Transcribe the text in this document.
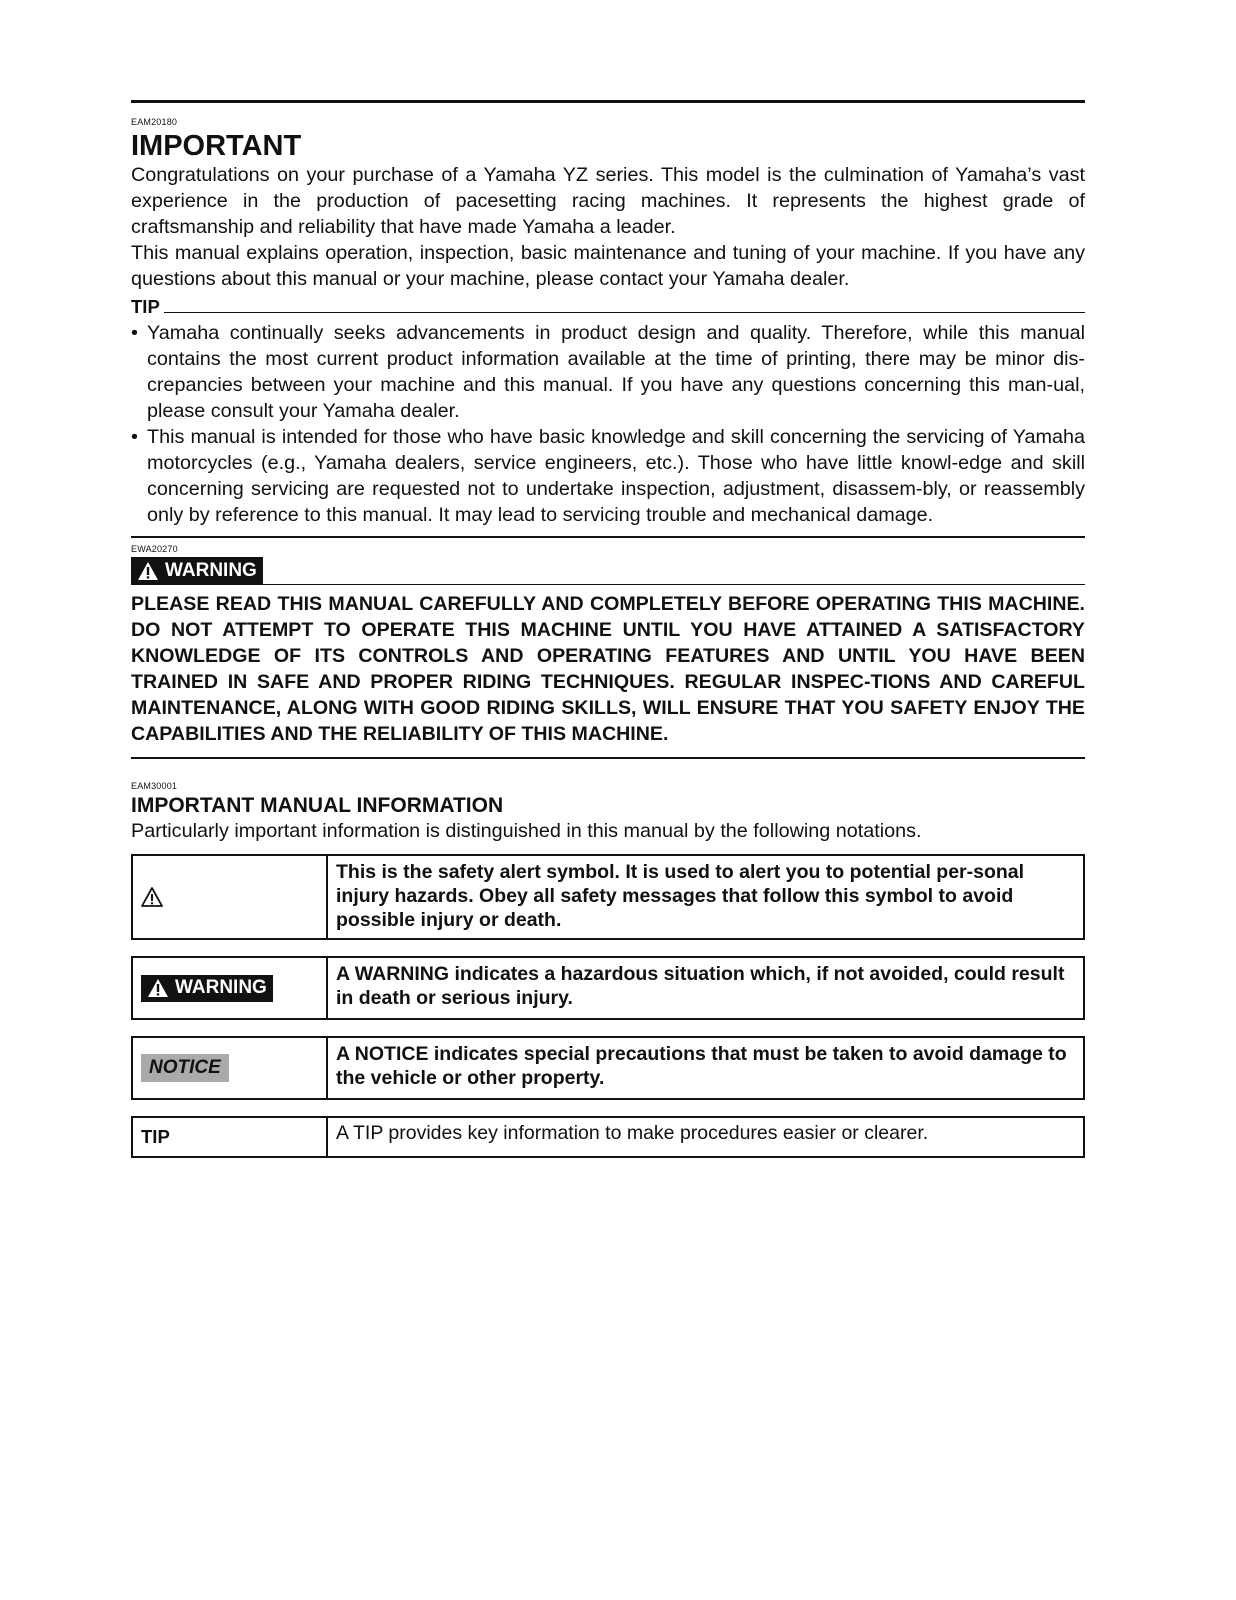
EAM20180
IMPORTANT

Congratulations on your purchase of a Yamaha YZ series. This model is the culmination of Yamaha’s vast experience in the production of pacesetting racing machines. It represents the highest grade of craftsmanship and reliability that have made Yamaha a leader.

This manual explains operation, inspection, basic maintenance and tuning of your machine. If you have any questions about this manual or your machine, please contact your Yamaha dealer.

TIP
• Yamaha continually seeks advancements in product design and quality. Therefore, while this manual contains the most current product information available at the time of printing, there may be minor dis-crepancies between your machine and this manual. If you have any questions concerning this man-ual, please consult your Yamaha dealer.
• This manual is intended for those who have basic knowledge and skill concerning the servicing of Yamaha motorcycles (e.g., Yamaha dealers, service engineers, etc.). Those who have little knowl-edge and skill concerning servicing are requested not to undertake inspection, adjustment, disassem-bly, or reassembly only by reference to this manual. It may lead to servicing trouble and mechanical damage.
EWA20270
WARNING
PLEASE READ THIS MANUAL CAREFULLY AND COMPLETELY BEFORE OPERATING THIS MACHINE. DO NOT ATTEMPT TO OPERATE THIS MACHINE UNTIL YOU HAVE ATTAINED A SATISFACTORY KNOWLEDGE OF ITS CONTROLS AND OPERATING FEATURES AND UNTIL YOU HAVE BEEN TRAINED IN SAFE AND PROPER RIDING TECHNIQUES. REGULAR INSPEC-TIONS AND CAREFUL MAINTENANCE, ALONG WITH GOOD RIDING SKILLS, WILL ENSURE THAT YOU SAFETY ENJOY THE CAPABILITIES AND THE RELIABILITY OF THIS MACHINE.
EAM30001
IMPORTANT MANUAL INFORMATION

Particularly important information is distinguished in this manual by the following notations.

This is the safety alert symbol. It is used to alert you to potential per-sonal injury hazards. Obey all safety messages that follow this symbol to avoid possible injury or death.
WARNING
A WARNING indicates a hazardous situation which, if not avoided, could result in death or serious injury.
NOTICE
A NOTICE indicates special precautions that must be taken to avoid damage to the vehicle or other property.
TIP	A TIP provides key information to make procedures easier or clearer.
